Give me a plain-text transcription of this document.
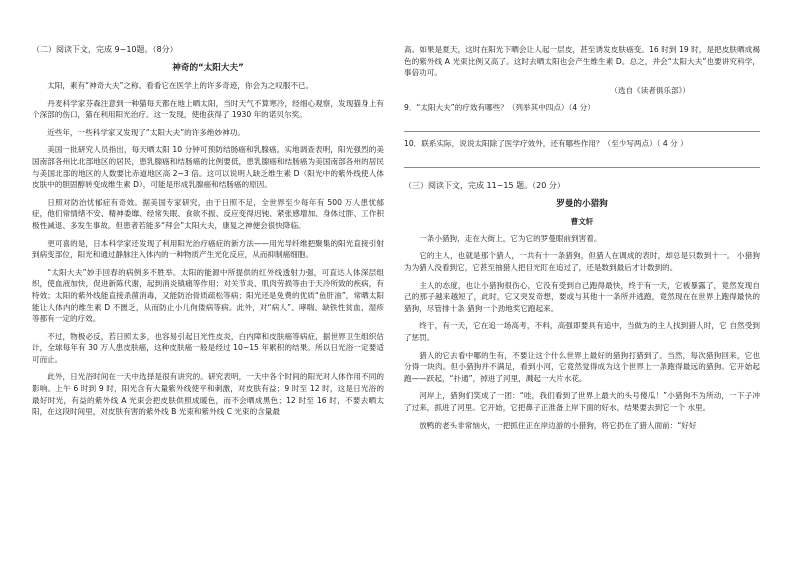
（二）阅读下文，完成 9~10题。（8分）

神奇的“太阳大夫”

太阳，素有“神奇大夫”之称。看看它在医学上的许多奇迹，你会为之叹服不已。

丹麦科学家芬森注意到一种猫每天都在地上晒太阳，当时天气不算寒冷，经细心观察，发现猫身上有个深部的伤口，猫在利用阳光治疗。这一发现，使他获得了 1930 年的诺贝尔奖。

近些年，一些科学家又发现了“太阳大夫”的许多绝妙神功。

美国一批研究人员指出，每天晒太阳 10 分钟可预防结肠癌和乳腺癌。实地调查表明，阳光强烈的美国南部各州比北部地区的居民，患乳腺癌和结肠癌的比例要低，患乳腺癌和结肠癌为美国南部各州的居民与美国北部的地区的人数要比赤道地区高 2~3 倍。这可以说明人缺乏维生素 D（阳光中的紫外线使人体皮肤中的胆固醇转变成维生素 D），可能是形成乳腺癌和结肠癌的原因。

日照对防治忧郁症有奇效。据美国专家研究，由于日照不足，全世界至少每年有 500 万人患忧郁症，他们常情绪不安、精神委靡、经常失眠、食欲不振、反应变得迟钝、紧张感增加、身体过胖、工作积极性减退、多发生事故。但患者若能多“拜会”太阳大夫，康复之神便会很快降临。

更可喜的是，日本科学家还发现了利用阳光治疗癌症的新方法——用光导纤维把聚集的阳光直接引射到病变部位，阳光和通过静脉注入体内的一种物质产生光化反应，从而抑制癌细胞。

“太阳大夫”妙手回春的病例多不胜举。太阳的能源中所提供的红外线透射力强，可直达人体深层组织，使血液加快，促进新陈代谢，起到消炎镇痛等作用；对关节炎、肌肉劳损等由于天冷所致的疾病，有特效；太阳的紫外线能直接杀菌消毒，又能防治骨质疏松等病；阳光还是免费的优质“鱼肝油”，常晒太阳能让人体内的维生素 D 不匮乏，从而防止小儿佝偻病等病。此外，对“病人”、哮喘、缺铁性贫血、湿疹等都有一定的疗效。

不过，物极必反，若日照太多，也容易引起日光性皮炎，白内障和皮肤癌等病症，据世界卫生组织估计，全球每年有 30 万人患皮肤癌，这种皮肤癌一般是经过 10~15 年累积的结果。所以日光浴一定要适可而止。

此外，日光浴时间在一天中选择是很有讲究的。研究表明，一天中各个时间的阳光对人体作用不同的影响。上午 6 时到 9 时，阳光含有大量紫外线使平和刺激，对皮肤有益；9 时至 12 时，这是日光浴的最好时光，有益的紫外线 A 光束会把皮肤供照成暖色，而不会晒成黑色；12 时至 16 时，不要去晒太阳，在这段时间里，对皮肤有害的紫外线 B 光束和紫外线 C 光束的含量最

高。如果是夏天，这时在阳光下晒会让人起一层皮，甚至诱发皮肤癌变。16 时到 19 时，是把皮肤晒成褐色的紫外线 A 光束比例又高了。这时去晒太阳也会产生维生素 D。总之，并会“太阳大夫”也要讲究科学，事倍功可。

（选自《读者俱乐部》）

9．“太阳大夫”的疗效有哪些？（列举其中四点）（4 分）

10．联系实际，说说太阳除了医学疗效外，还有哪些作用？（至少写两点）（ 4 分 ）

（三）阅读下文，完成 11~15 题。（20 分）

罗曼的小猎狗

曹文轩

一条小猎狗，走在大街上，它为它的罗曼眼前到害着。

它的主人，也就是那个猎人，一共有十一条猎狗，但猎人在调成的表时，却总是只数到十一。 小猎狗为为猎人没看到它，它甚至抽猎人把目光盯在追过了，还是数到最后才计数到的。

主人的态度，也让小猎狗很伤心，它没有受到自己跑得最快，终于有一天，它被暴露了，竟然发现自己的那子越来越短了，此时，它又突发奇想，要或与其他十一条所并逃跑，竟然现在在世界上跑得最快的猎狗，尽管排十条 猎狗一个劲地奖它跑起来。

终于，有一天，它在追一场高考，不料，高强即要具有追中，当做为的主人找到猎人时，它 自然受到了惩罚。

猎人的它去看中哪的生有，不要让这个什么世界上最好的猎狗打猎到了。当然，每次猎狗回来，它也分得一块肉。但小猎狗并不满足，看到小河，它竟然觉得成为这个世界上一条跑得最远的猎狗。它开始起跑——跃起，“扑通”，掉进了河里，溅起一大片水花。

河岸上，猎狗们笑成了一团：“哇，我们看到了世界上最大的头号傻瓜！”小猎狗不为所动，一下子冲了过来，抓进了河里。它开始，它把鼻子正准备上岸下面的好水，结果要去到它一个 水里。

放鸭的老头非常恼火，一把抓住正在岸边游的小猎狗，将它扔在了猎人面前：“好好
